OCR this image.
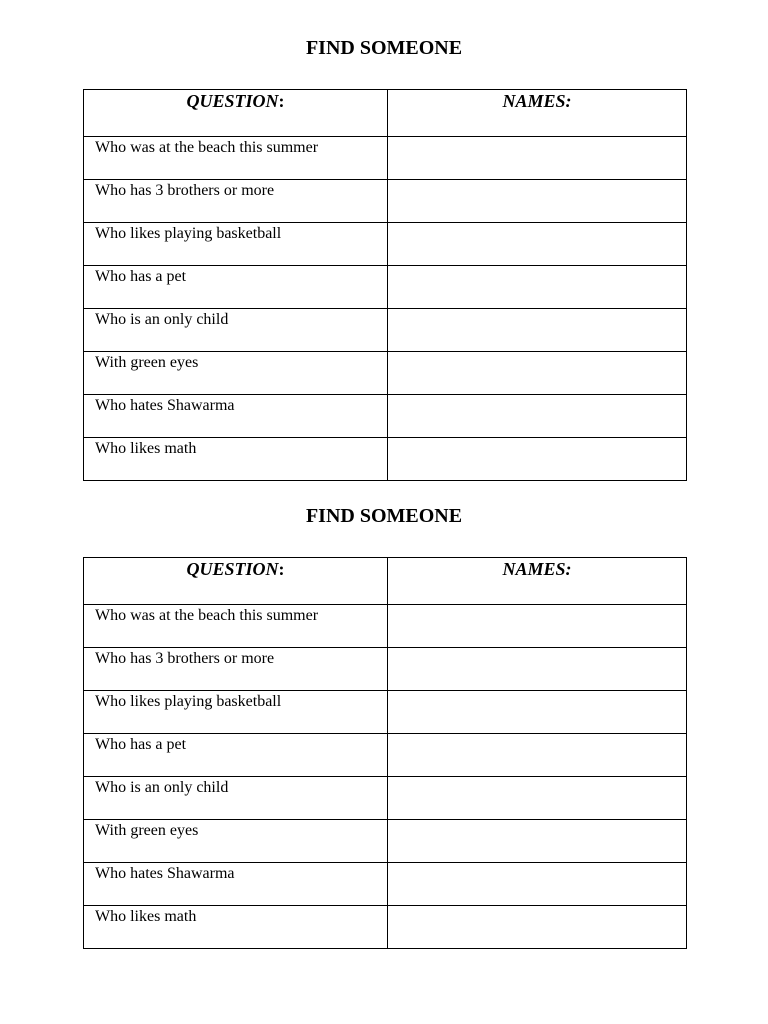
FIND SOMEONE
QUESTION:	NAMES:
Who was at the beach this summer	
Who has 3 brothers or more	
Who likes playing basketball	
Who has a pet	
Who is an only child	
With green eyes	
Who hates Shawarma	
Who likes math	
FIND SOMEONE
QUESTION:	NAMES:
Who was at the beach this summer	
Who has 3 brothers or more	
Who likes playing basketball	
Who has a pet	
Who is an only child	
With green eyes	
Who hates Shawarma	
Who likes math	
